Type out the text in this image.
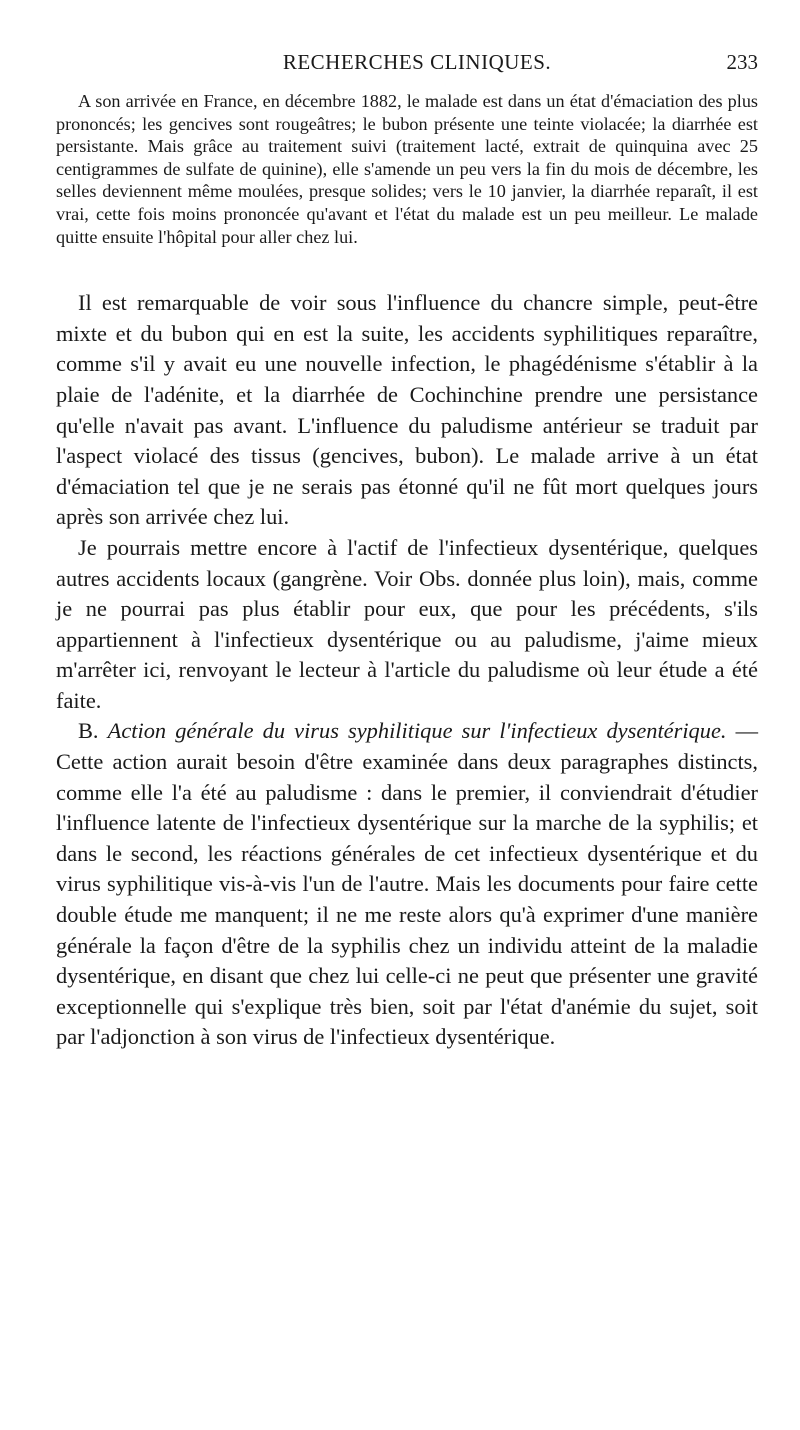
RECHERCHES CLINIQUES.	233

A son arrivée en France, en décembre 1882, le malade est dans un état d'émaciation des plus prononcés; les gencives sont rougeâtres; le bubon présente une teinte violacée; la diarrhée est persistante. Mais grâce au traitement suivi (traitement lacté, extrait de quinquina avec 25 centigrammes de sulfate de quinine), elle s'amende un peu vers la fin du mois de décembre, les selles deviennent même moulées, presque solides; vers le 10 janvier, la diarrhée reparaît, il est vrai, cette fois moins prononcée qu'avant et l'état du malade est un peu meilleur. Le malade quitte ensuite l'hôpital pour aller chez lui.

Il est remarquable de voir sous l'influence du chancre simple, peut-être mixte et du bubon qui en est la suite, les accidents syphilitiques reparaître, comme s'il y avait eu une nouvelle infection, le phagédénisme s'établir à la plaie de l'adénite, et la diarrhée de Cochinchine prendre une persistance qu'elle n'avait pas avant. L'influence du paludisme antérieur se traduit par l'aspect violacé des tissus (gencives, bubon). Le malade arrive à un état d'émaciation tel que je ne serais pas étonné qu'il ne fût mort quelques jours après son arrivée chez lui.

Je pourrais mettre encore à l'actif de l'infectieux dysentérique, quelques autres accidents locaux (gangrène. Voir Obs. donnée plus loin), mais, comme je ne pourrai pas plus établir pour eux, que pour les précédents, s'ils appartiennent à l'infectieux dysentérique ou au paludisme, j'aime mieux m'arrêter ici, renvoyant le lecteur à l'article du paludisme où leur étude a été faite.

B. Action générale du virus syphilitique sur l'infectieux dysentérique. — Cette action aurait besoin d'être examinée dans deux paragraphes distincts, comme elle l'a été au paludisme : dans le premier, il conviendrait d'étudier l'influence latente de l'infectieux dysentérique sur la marche de la syphilis; et dans le second, les réactions générales de cet infectieux dysentérique et du virus syphilitique vis-à-vis l'un de l'autre. Mais les documents pour faire cette double étude me manquent; il ne me reste alors qu'à exprimer d'une manière générale la façon d'être de la syphilis chez un individu atteint de la maladie dysentérique, en disant que chez lui celle-ci ne peut que présenter une gravité exceptionnelle qui s'explique très bien, soit par l'état d'anémie du sujet, soit par l'adjonction à son virus de l'infectieux dysentérique.
